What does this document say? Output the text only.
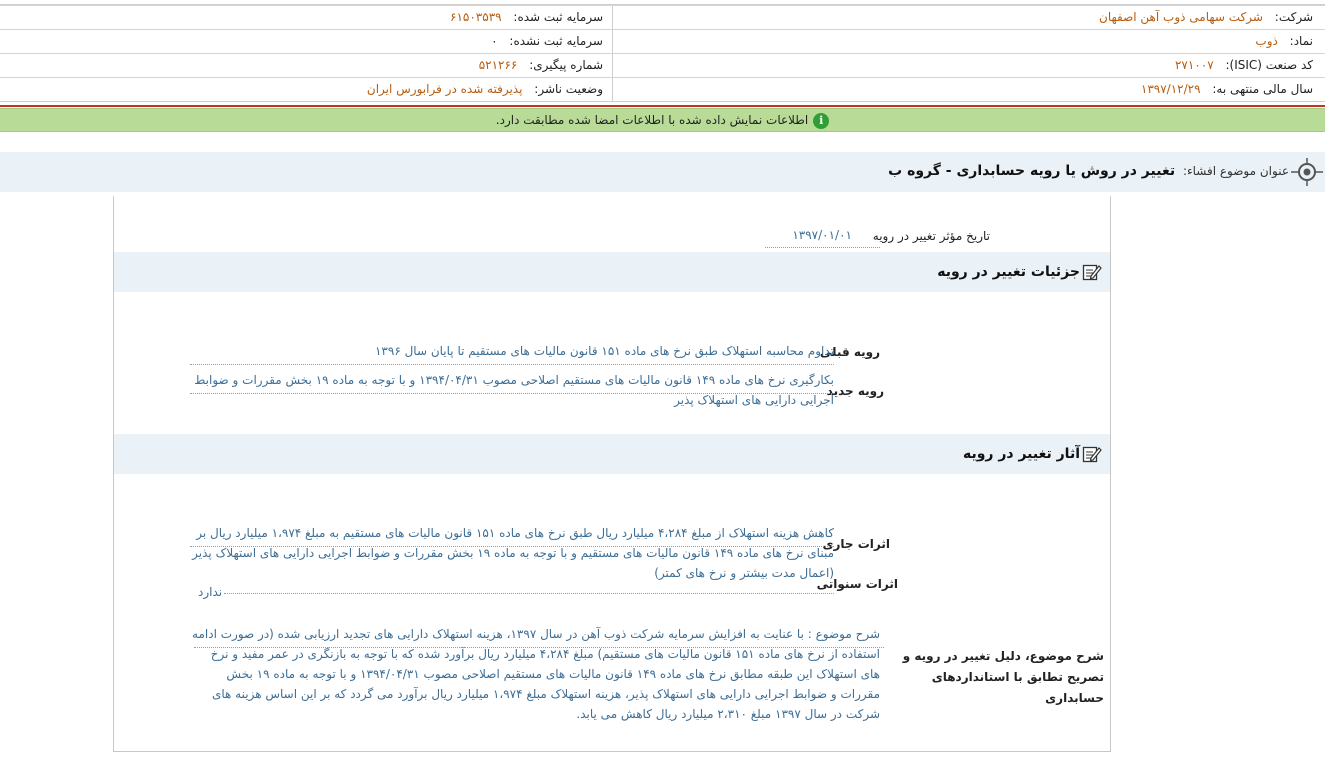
شرکت: شرکت سهامی ذوب آهن اصفهان
سرمایه ثبت شده: ۶۱۵۰۳۵۳۹
نماد: ذوب
سرمایه ثبت نشده: ۰
کد صنعت (ISIC): ۲۷۱۰۰۷
شماره پیگیری: ۵۲۱۲۶۶
سال مالی منتهی به: ۱۳۹۷/۱۲/۲۹
وضعیت ناشر: پذیرفته شده در فرابورس ایران
iاطلاعات نمایش داده شده با اطلاعات امضا شده مطابقت دارد.
عنوان موضوع افشاء: تغییر در روش یا رویه حسابداری - گروه ب
تاریخ مؤثر تغییر در رویه
۱۳۹۷/۰۱/۰۱
جزئیات تغییر در رویه
رویه قبلی
تداوم محاسبه استهلاک طبق نرخ های ماده ۱۵۱ قانون مالیات های مستقیم تا پایان سال ۱۳۹۶
رویه جدید
بکارگیری نرخ های ماده ۱۴۹ قانون مالیات های مستقیم اصلاحی مصوب ۱۳۹۴/۰۴/۳۱ و با توجه به ماده ۱۹ بخش مقررات و ضوابط اجرایی دارایی های استهلاک پذیر
آثار تغییر در رویه
اثرات جاری
کاهش هزینه استهلاک از مبلغ ۴،۲۸۴ میلیارد ریال طبق نرخ های ماده ۱۵۱ قانون مالیات های مستقیم به مبلغ ۱،۹۷۴ میلیارد ریال بر مبنای نرخ های ماده ۱۴۹ قانون مالیات های مستقیم و با توجه به ماده ۱۹ بخش مقررات و ضوابط اجرایی دارایی های استهلاک پذیر (اعمال مدت بیشتر و نرخ های کمتر)
اثرات سنواتی
ندارد
شرح موضوع، دلیل تغییر در رویه و تصریح تطابق با استانداردهای حسابداری
شرح موضوع : با عنایت به افزایش سرمایه شرکت ذوب آهن در سال ۱۳۹۷، هزینه استهلاک دارایی های تجدید ارزیابی شده (در صورت ادامه استفاده از نرخ های ماده ۱۵۱ قانون مالیات های مستقیم) مبلغ ۴،۲۸۴ میلیارد ریال برآورد شده که با توجه به بازنگری در عمر مفید و نرخ های استهلاک این طبقه مطابق نرخ های ماده ۱۴۹ قانون مالیات های مستقیم اصلاحی مصوب ۱۳۹۴/۰۴/۳۱ و با توجه به ماده ۱۹ بخش مقررات و ضوابط اجرایی دارایی های استهلاک پذیر، هزینه استهلاک مبلغ ۱،۹۷۴ میلیارد ریال برآورد می گردد که بر این اساس هزینه های شرکت در سال ۱۳۹۷ مبلغ ۲،۳۱۰ میلیارد ریال کاهش می یابد.
